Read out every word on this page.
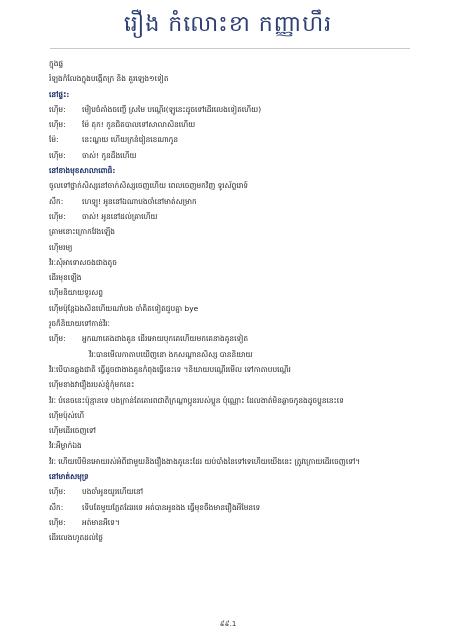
រឿង កំលោះខា កញ្ញាហឹរ
ក្នុងផ្ទ
រំឡងកំលែងក្នុងបង្កើតក្រ និង គួរឡេង១ទៀត
នៅផ្ទះ:
ហ៊ើម: ម៉ៀបចំគាំងចញ្ចើ ស្រមៃ បណ្ដើរ(ឡូនេះដូចទៅដើរលេងទៀតហើយ)
ហ៊ើម: ម៉ែ តុក! កូនជិតបាលទៅសាលាសិនហើយ
ម៉ែ:	នេះណ្ហយ ហើយក្រនំរៀនខេណាកូន
ហ៊ើម: ចាស់! កូនដឹងហើយ
នៅខាងមុខសាលាពោធិ:
ចូលទៅថ្នាក់សិស្សនៅចាក់សិស្សចេញហើយ ពេលចេញមកវិញ ទូរស័ព្ទរោទ៍
សឹក:	ហេឡូ! អូននៅឯណាបងចាំនៅមាត់សម្រាក
ហ៊ើម: ចាស់! អូននៅដល់គ្រាហើយ
គ្រាមនោះក្រោកវែងឡើង
ហ៊ើមរម្យ
វិរៈសុំអាទោសចងជាងតូច
ដើរមុខឡើង
ហ៊ើមនិយាយទូរសព្ទ
ហ៊ើមប៉ុន្តែឯងសិនហើយណាំបង ចាំគិតទៀតជួបគ្នា bye
រួចក៏និយាយទៅកាន់វិរៈ
ហ៊ើម: អ្នកណាគេងដាងគូន ដើរអោយបុកគេហើយមកគេនាងគូនទៀត
វិរៈបានមើលកាតាបយើញនោ ងកសណ្ដានសិស្ស បាននិយាយ
វិរៈបើបានឆ្លងជាតិ ធ្វើដូចជាងាងគូនកំពុងធ្វើនេះទេ ។និយាយបណ្ដើរមើល ទៅកាតាបបណ្ដើរ
ហ៊ើមខាងវារឿងរបស់ខ្ញុំកុំមកនេះ
វិរៈ បំនេចនេះប៉ុន្មានទេ បងក្រាន់តែគោរពជាតិក្រណ្ដាប្អូនរបស់ប្អូន ប៉ុណ្ណោះ ដែលងាត់មិនឆ្ងាចកូនងដូចប្អូននេះទេ
ហ៊ើមប៉ុស់ហើ
ហ៊ើមដើរចេញទៅ
វិរៈអឺម្ងាក់ឯង
វិរៈ ហើយបើមិនអោយរស់អំពីជាមួយនិងរឿងងាងគូនេះដែរ យប់បាំងនៃទៅទេហើយយើងនេះ ត្រូវក្រោយដើរចេញទៅ។
នៅមាត់សមុទ្រ
ហ៊ើម: បងចាំអូនយូរហើយនៅ
សឹក:	ទើបតែមួយភ្លែតដែររទេ អត់បានអូនងង ធ្វើមុខចឹងមានរឿងអីមែនទេ
ហ៊ើម: អត់មានអីទេ។
ដើរលេងហូតដល់ថ្ងៃ
៩៩.1
